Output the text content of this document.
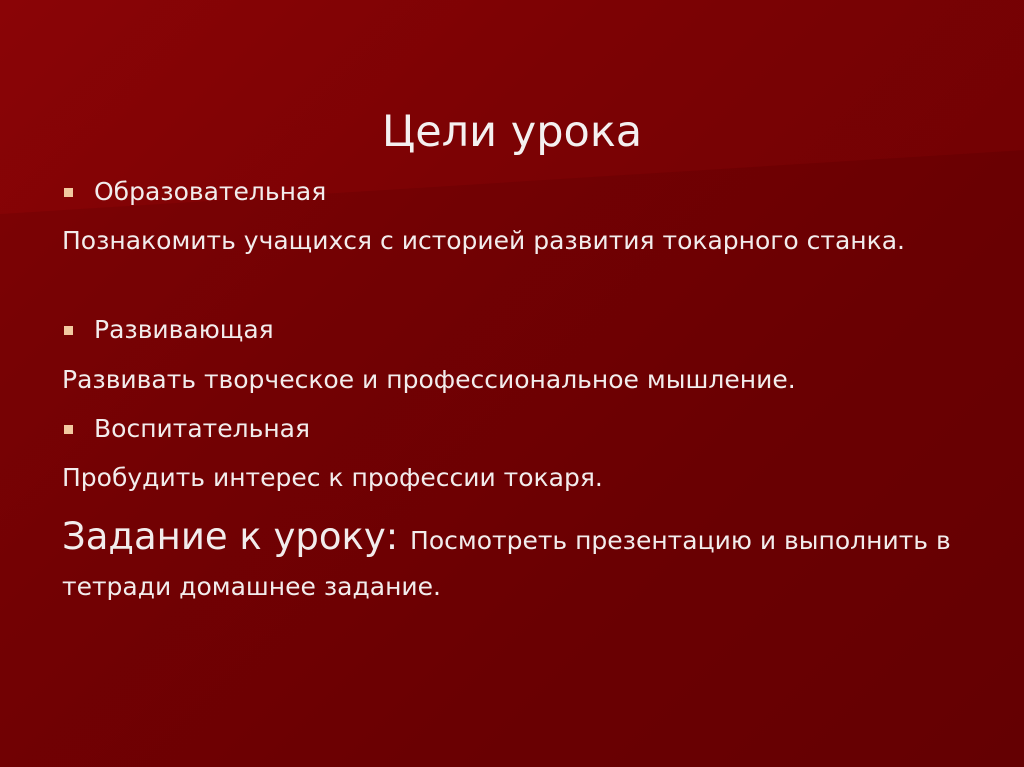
Цели урока
Образовательная

Познакомить учащихся с историей развития токарного станка.

Развивающая

Развивать творческое и профессиональное мышление.

Воспитательная

Пробудить интерес к профессии токаря.

Задание к уроку: Посмотреть презентацию и выполнить в тетради домашнее задание.
